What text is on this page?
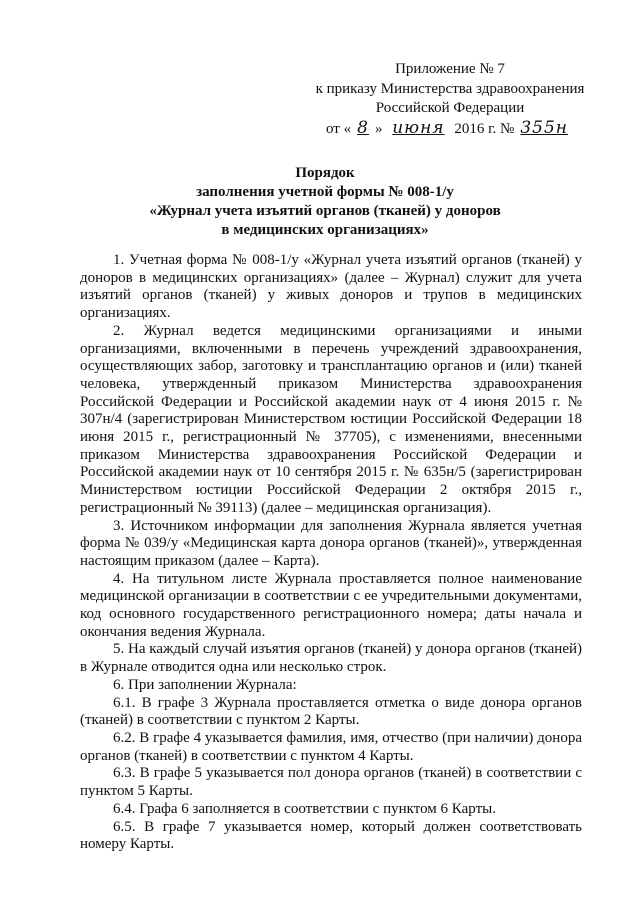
Приложение № 7
к приказу Министерства здравоохранения
Российской Федерации
от « 8 » июня 2016 г. № 355н
Порядок
заполнения учетной формы № 008-1/у
«Журнал учета изъятий органов (тканей) у доноров
в медицинских организациях»

1. Учетная форма № 008-1/у «Журнал учета изъятий органов (тканей) у доноров в медицинских организациях» (далее – Журнал) служит для учета изъятий органов (тканей) у живых доноров и трупов в медицинских организациях.

2. Журнал ведется медицинскими организациями и иными организациями, включенными в перечень учреждений здравоохранения, осуществляющих забор, заготовку и трансплантацию органов и (или) тканей человека, утвержденный приказом Министерства здравоохранения Российской Федерации и Российской академии наук от 4 июня 2015 г. № 307н/4 (зарегистрирован Министерством юстиции Российской Федерации 18 июня 2015 г., регистрационный № 37705), с изменениями, внесенными приказом Министерства здравоохранения Российской Федерации и Российской академии наук от 10 сентября 2015 г. № 635н/5 (зарегистрирован Министерством юстиции Российской Федерации 2 октября 2015 г., регистрационный № 39113) (далее – медицинская организация).

3. Источником информации для заполнения Журнала является учетная форма № 039/у «Медицинская карта донора органов (тканей)», утвержденная настоящим приказом (далее – Карта).

4. На титульном листе Журнала проставляется полное наименование медицинской организации в соответствии с ее учредительными документами, код основного государственного регистрационного номера; даты начала и окончания ведения Журнала.

5. На каждый случай изъятия органов (тканей) у донора органов (тканей) в Журнале отводится одна или несколько строк.

6. При заполнении Журнала:

6.1. В графе 3 Журнала проставляется отметка о виде донора органов (тканей) в соответствии с пунктом 2 Карты.

6.2. В графе 4 указывается фамилия, имя, отчество (при наличии) донора органов (тканей) в соответствии с пунктом 4 Карты.

6.3. В графе 5 указывается пол донора органов (тканей) в соответствии с пунктом 5 Карты.

6.4. Графа 6 заполняется в соответствии с пунктом 6 Карты.

6.5. В графе 7 указывается номер, который должен соответствовать номеру Карты.
